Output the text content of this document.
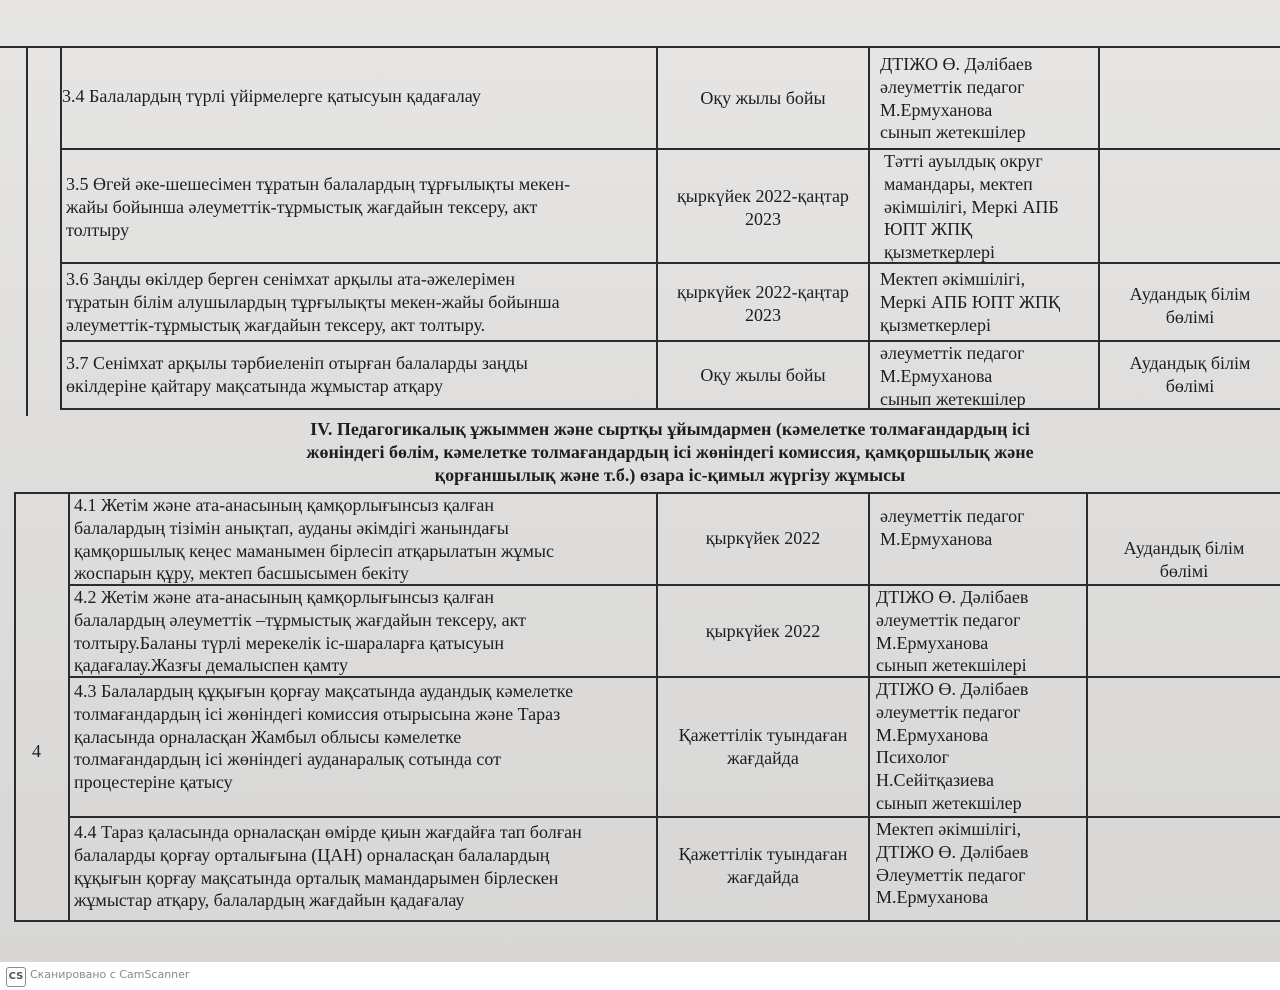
3.4 Балалардың түрлі үйірмелерге қатысуын қадағалау	Оқу жылы бойы
ДТІЖО Ө. Дәлібаев
әлеуметтік педагог
М.Ермуханова
сынып жетекшілер
3.5 Өгей әке-шешесімен тұратын балалардың тұрғылықты мекен-
жайы бойынша әлеуметтік-тұрмыстық жағдайын тексеру, акт
толтыру
қыркүйек 2022-қаңтар
2023
Тәтті ауылдық округ
мамандары, мектеп
әкімшілігі, Меркі АПБ
ЮПТ ЖПҚ
қызметкерлері
3.6 Заңды өкілдер берген сенімхат арқылы ата-әжелерімен
тұратын білім алушылардың тұрғылықты мекен-жайы бойынша
әлеуметтік-тұрмыстық жағдайын тексеру, акт толтыру.
қыркүйек 2022-қаңтар
2023
Мектеп әкімшілігі,
Меркі АПБ ЮПТ ЖПҚ
қызметкерлері
Аудандық білім
бөлімі
3.7 Сенімхат арқылы тәрбиеленіп отырған балаларды заңды
өкілдеріне қайтару мақсатында жұмыстар атқару
Оқу жылы бойы
әлеуметтік педагог
М.Ермуханова
сынып жетекшілер
Аудандық білім
бөлімі
IV. Педагогикалық ұжыммен және сыртқы ұйымдармен (кәмелетке толмағандардың ісі
жөніндегі бөлім, кәмелетке толмағандардың ісі жөніндегі комиссия, қамқоршылық және
қорғаншылық және т.б.) өзара іс-қимыл жүргізу жұмысы
4
4.1 Жетім және ата-анасының қамқорлығынсыз қалған
балалардың тізімін анықтап, ауданы әкімдігі жанындағы
қамқоршылық кеңес маманымен бірлесіп атқарылатын жұмыс
жоспарын құру, мектеп басшысымен бекіту
қыркүйек 2022
әлеуметтік педагог
М.Ермуханова	Аудандық білім
бөлімі
4.2 Жетім және ата-анасының қамқорлығынсыз қалған
балалардың әлеуметтік –тұрмыстық жағдайын тексеру, акт
толтыру.Баланы түрлі мерекелік іс-шараларға қатысуын
қадағалау.Жазғы демалыспен қамту
қыркүйек 2022
ДТІЖО Ө. Дәлібаев
әлеуметтік педагог
М.Ермуханова
сынып жетекшілері
4.3 Балалардың құқығын қорғау мақсатында аудандық кәмелетке
толмағандардың ісі жөніндегі комиссия отырысына және Тараз
қаласында орналасқан Жамбыл облысы кәмелетке
толмағандардың ісі жөніндегі ауданаралық сотында сот
процестеріне қатысу
Қажеттілік туындаған
жағдайда
ДТІЖО Ө. Дәлібаев
әлеуметтік педагог
М.Ермуханова
Психолог
Н.Сейітқазиева
сынып жетекшілер
4.4 Тараз қаласында орналасқан өмірде қиын жағдайға тап болған
балаларды қорғау орталығына (ЦАН) орналасқан балалардың
құқығын қорғау мақсатында орталық мамандарымен бірлескен
жұмыстар атқару, балалардың жағдайын қадағалау
Қажеттілік туындаған
жағдайда
Мектеп әкімшілігі,
ДТІЖО Ө. Дәлібаев
Әлеуметтік педагог
М.Ермуханова
CS Сканировано с CamScanner
